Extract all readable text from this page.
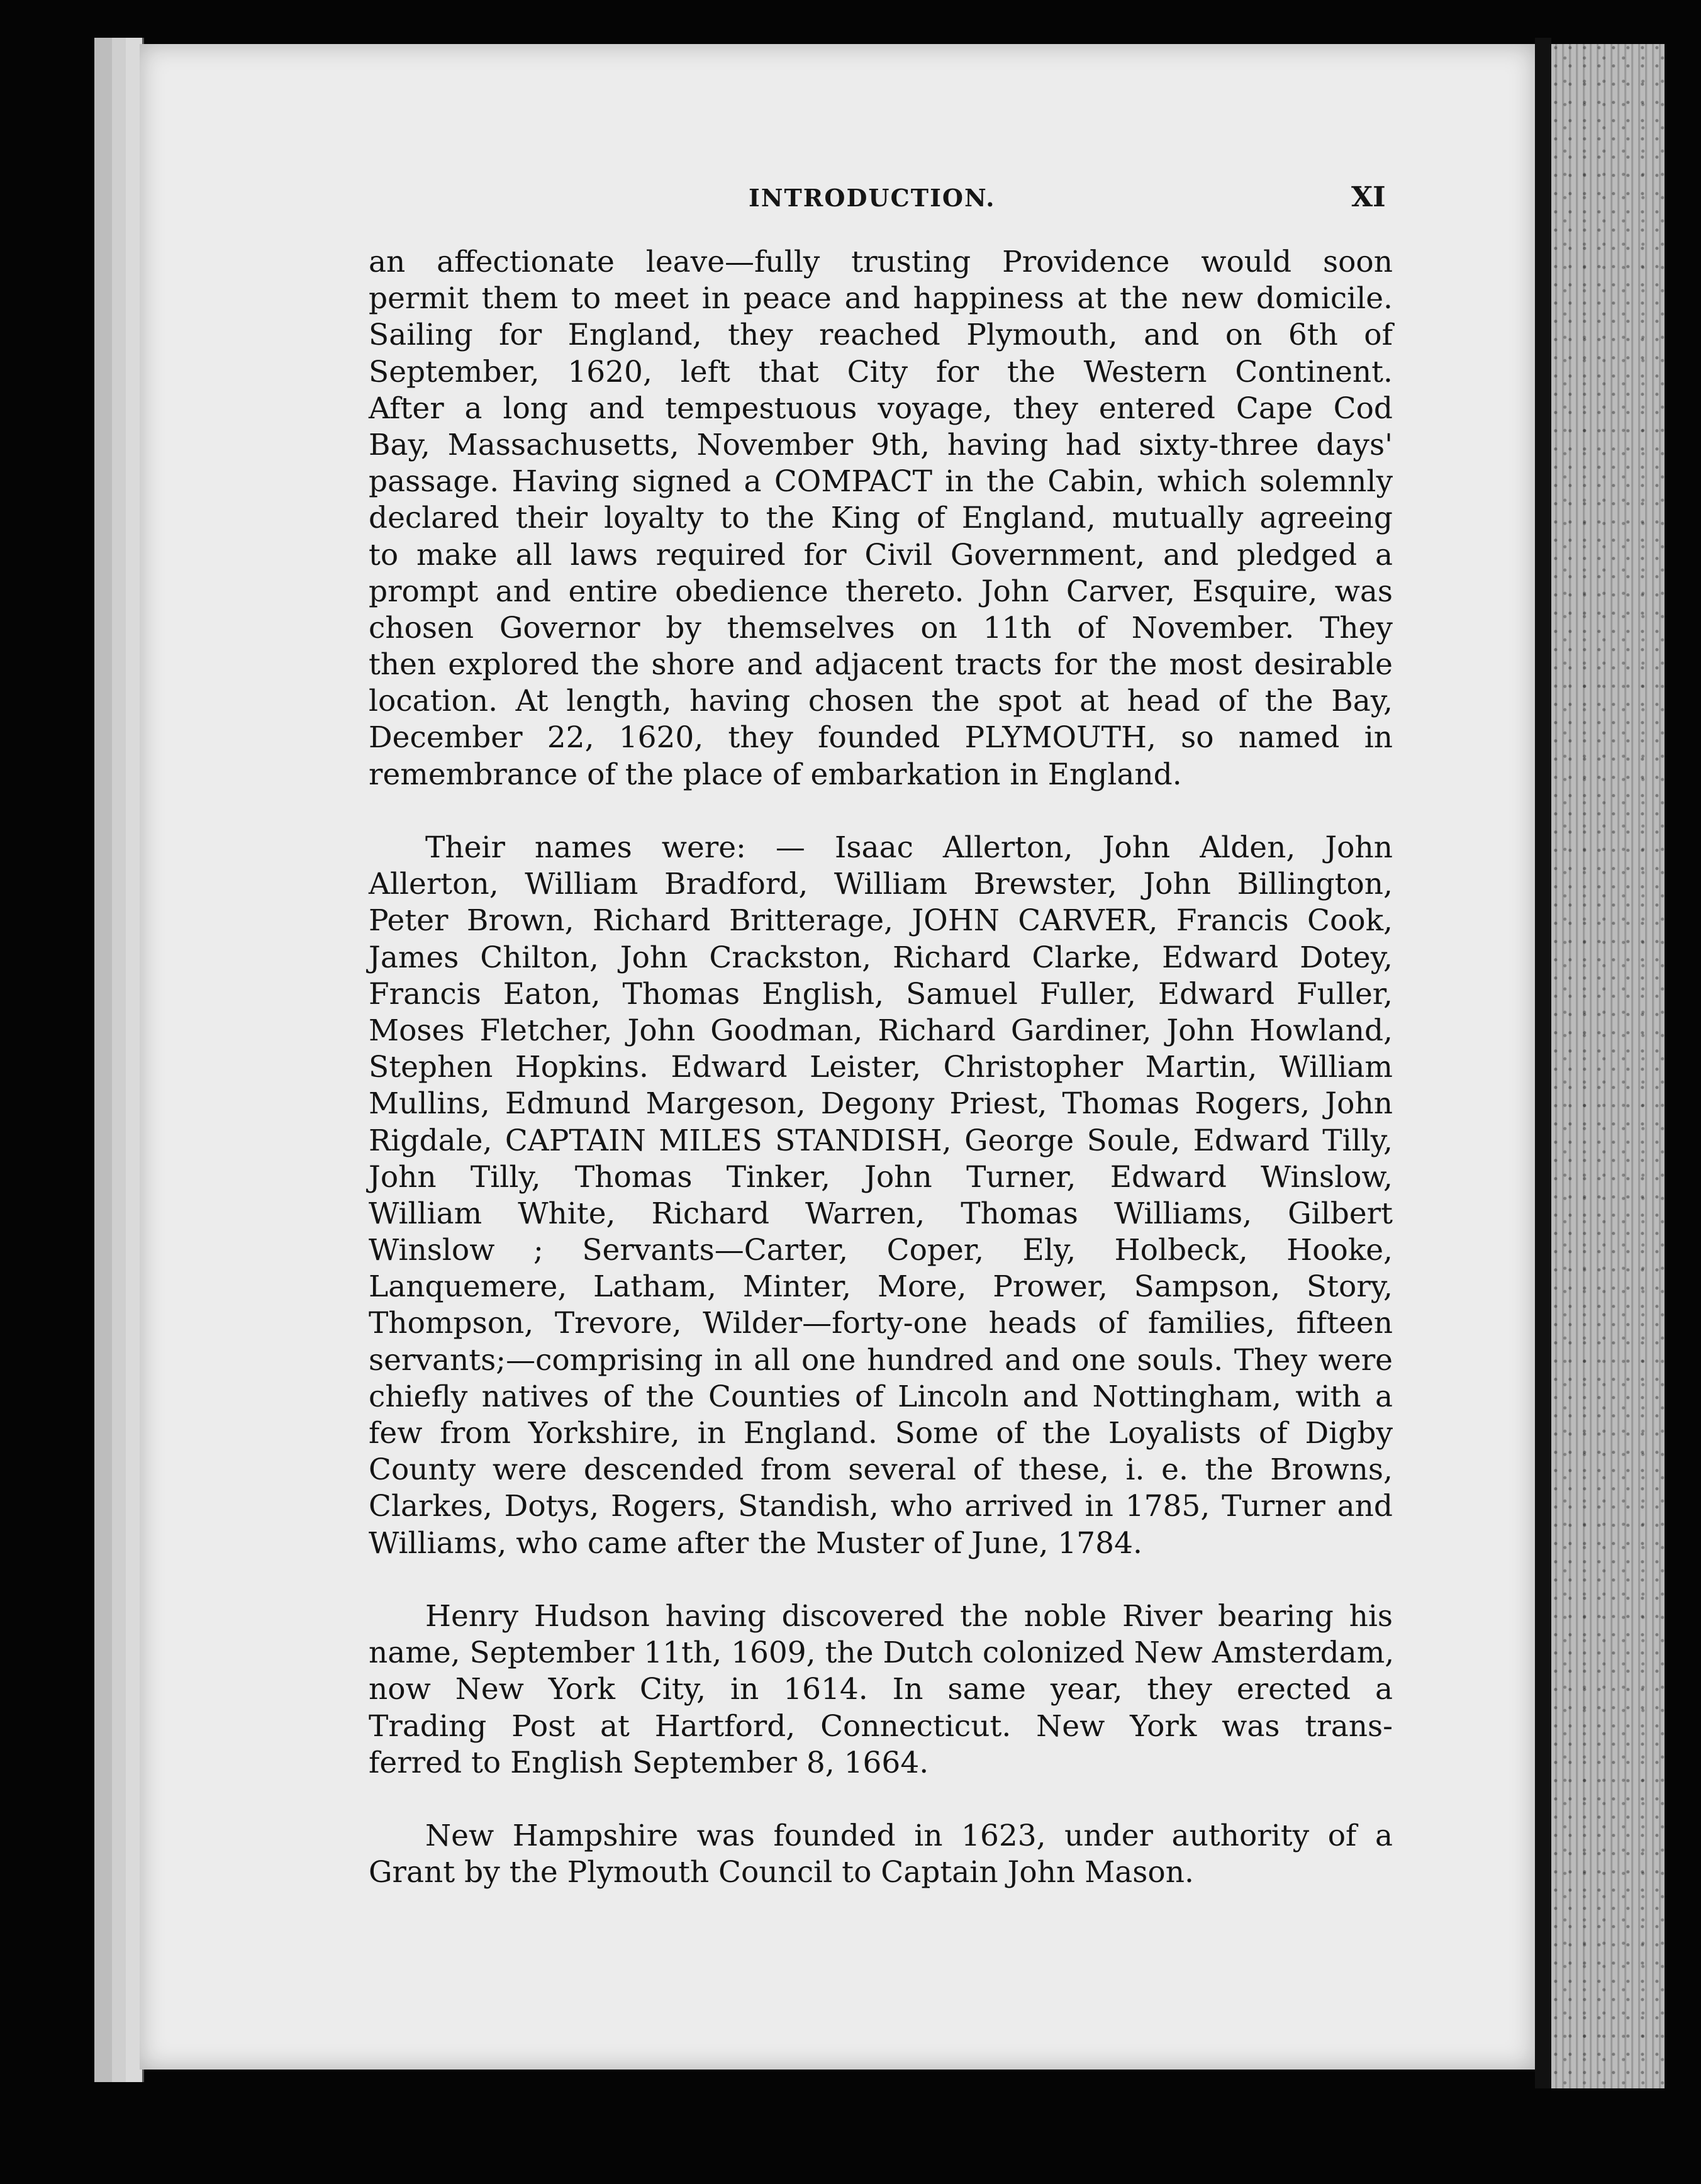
INTRODUCTION.	XI
an affectionate leave—fully trusting Providence would soon
permit them to meet in peace and happiness at the new domicile.
Sailing for England, they reached Plymouth, and on 6th of
September, 1620, left that City for the Western Continent.
After a long and tempestuous voyage, they entered Cape Cod
Bay, Massachusetts, November 9th, having had sixty-three days'
passage. Having signed a COMPACT in the Cabin, which solemnly
declared their loyalty to the King of England, mutually agreeing
to make all laws required for Civil Government, and pledged a
prompt and entire obedience thereto. John Carver, Esquire, was
chosen Governor by themselves on 11th of November. They
then explored the shore and adjacent tracts for the most desirable
location. At length, having chosen the spot at head of the Bay,
December 22, 1620, they founded PLYMOUTH, so named in
remembrance of the place of embarkation in England.
Their names were: — Isaac Allerton, John Alden, John
Allerton, William Bradford, William Brewster, John Billington,
Peter Brown, Richard Britterage, JOHN CARVER, Francis Cook,
James Chilton, John Crackston, Richard Clarke, Edward Dotey,
Francis Eaton, Thomas English, Samuel Fuller, Edward Fuller,
Moses Fletcher, John Goodman, Richard Gardiner, John Howland,
Stephen Hopkins. Edward Leister, Christopher Martin, William
Mullins, Edmund Margeson, Degony Priest, Thomas Rogers, John
Rigdale, CAPTAIN MILES STANDISH, George Soule, Edward Tilly,
John Tilly, Thomas Tinker, John Turner, Edward Winslow,
William White, Richard Warren, Thomas Williams, Gilbert
Winslow ; Servants—Carter, Coper, Ely, Holbeck, Hooke,
Lanquemere, Latham, Minter, More, Prower, Sampson, Story,
Thompson, Trevore, Wilder—forty-one heads of families, fifteen
servants;—comprising in all one hundred and one souls. They were
chiefly natives of the Counties of Lincoln and Nottingham, with a
few from Yorkshire, in England. Some of the Loyalists of Digby
County were descended from several of these, i. e. the Browns,
Clarkes, Dotys, Rogers, Standish, who arrived in 1785, Turner and
Williams, who came after the Muster of June, 1784.
Henry Hudson having discovered the noble River bearing his
name, September 11th, 1609, the Dutch colonized New Amsterdam,
now New York City, in 1614. In same year, they erected a
Trading Post at Hartford, Connecticut. New York was trans-
ferred to English September 8, 1664.
New Hampshire was founded in 1623, under authority of a
Grant by the Plymouth Council to Captain John Mason.
